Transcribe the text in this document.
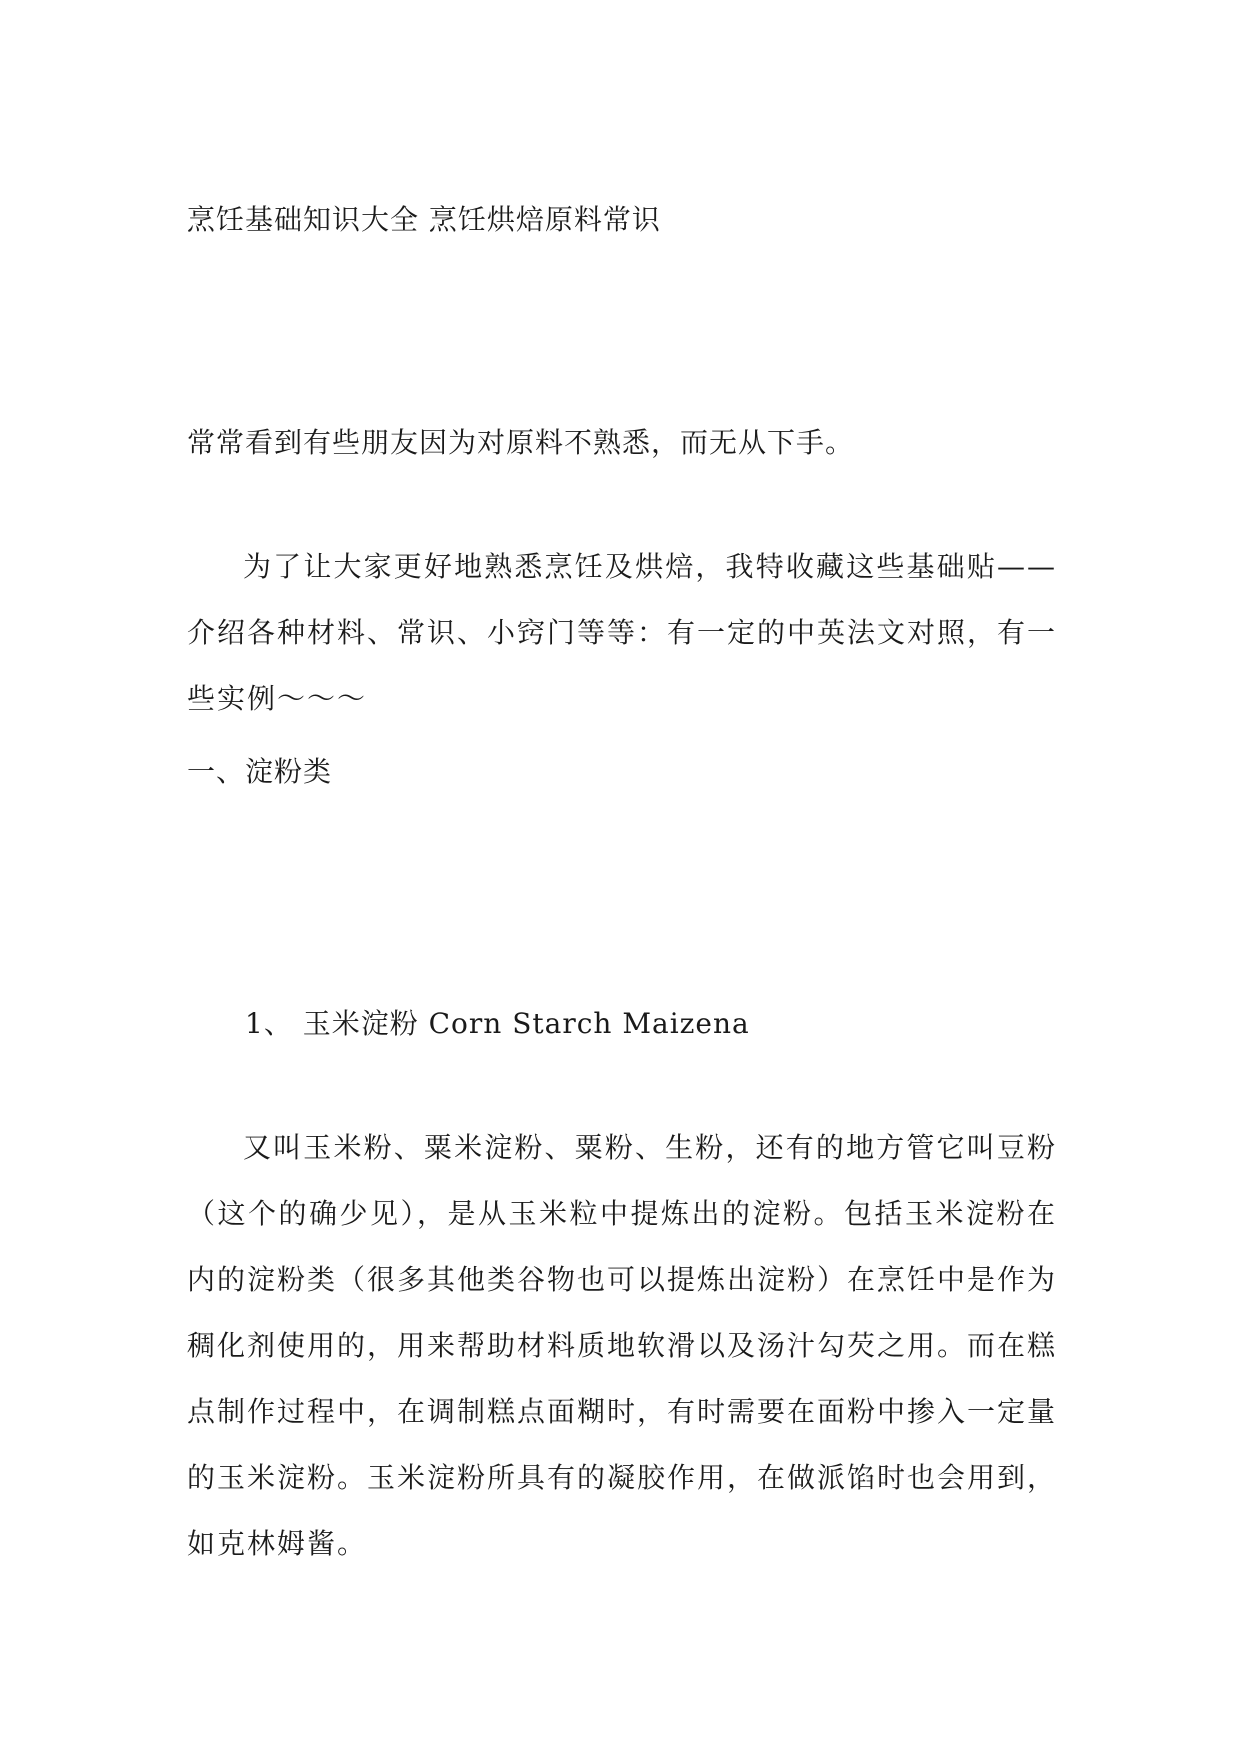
烹饪基础知识大全 烹饪烘焙原料常识
常常看到有些朋友因为对原料不熟悉，而无从下手。
为了让大家更好地熟悉烹饪及烘焙，我特收藏这些基础贴——介绍各种材料、常识、小窍门等等：有一定的中英法文对照，有一些实例～～～
一、淀粉类
1、 玉米淀粉 Corn Starch Maizena
又叫玉米粉、粟米淀粉、粟粉、生粉，还有的地方管它叫豆粉（这个的确少见），是从玉米粒中提炼出的淀粉。包括玉米淀粉在内的淀粉类（很多其他类谷物也可以提炼出淀粉）在烹饪中是作为稠化剂使用的，用来帮助材料质地软滑以及汤汁勾芡之用。而在糕点制作过程中，在调制糕点面糊时，有时需要在面粉中掺入一定量的玉米淀粉。玉米淀粉所具有的凝胶作用，在做派馅时也会用到，如克林姆酱。
